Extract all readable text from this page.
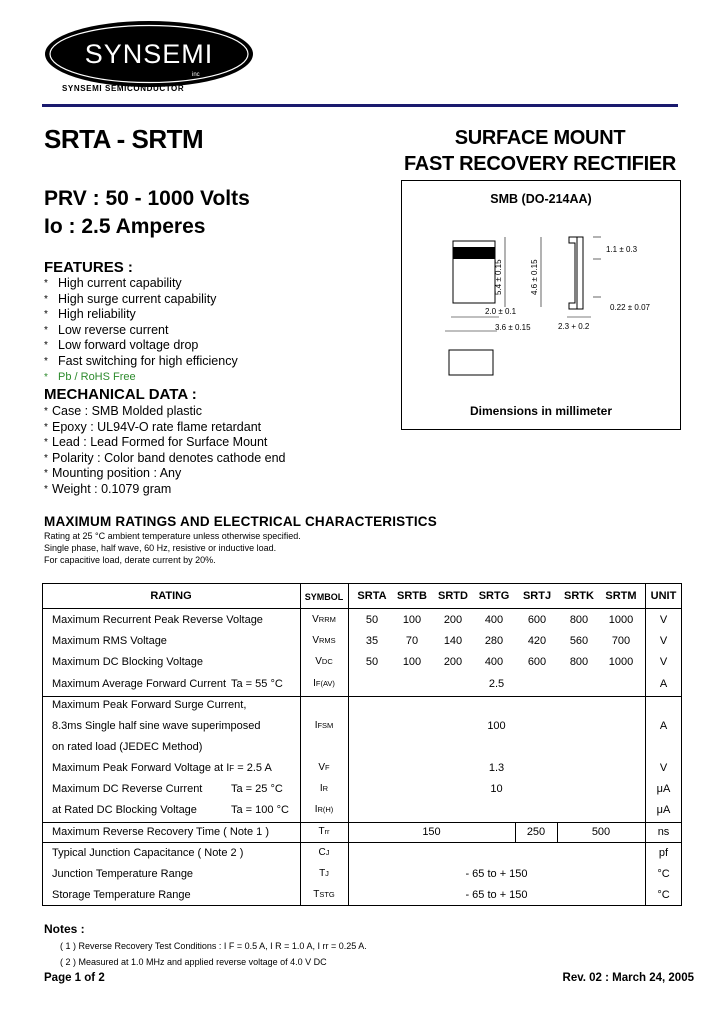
SYNSEMI
inc
SYNSEMI SEMICONDUCTOR
SRTA - SRTM	SURFACE MOUNT
FAST RECOVERY RECTIFIER
PRV : 50 - 1000 Volts
Io : 2.5 Amperes
FEATURES :
* High current capability
* High surge current capability
* High reliability
* Low reverse current
* Low forward voltage drop
* Fast switching for high efficiency
* Pb / RoHS Free
MECHANICAL DATA :
* Case : SMB Molded plastic
* Epoxy : UL94V-O rate flame retardant
* Lead : Lead Formed for Surface Mount
* Polarity : Color band denotes cathode end
* Mounting position : Any
* Weight : 0.1079 gram
SMB (DO-214AA)
5.4 ± 0.15	4.6 ± 0.15
2.0 ± 0.1
3.6 ± 0.15	2.3 + 0.2
1.1 ± 0.3
0.22 ± 0.07
Dimensions in millimeter
MAXIMUM RATINGS AND ELECTRICAL CHARACTERISTICS
Rating at 25 °C ambient temperature unless otherwise specified.
Single phase, half wave, 60 Hz, resistive or inductive load.
For capacitive load, derate current by 20%.
RATING	SYMBOL	SRTA SRTB	SRTD SRTG	SRTJ	SRTK	SRTM	UNIT
Maximum Recurrent Peak Reverse Voltage	VRRM	50	100	200	400	600	800	1000	V
Maximum RMS Voltage	VRMS	35	70	140	280	420	560	700	V
Maximum DC Blocking Voltage	VDC	50	100	200	400	600	800	1000	V
Maximum Average Forward Current Ta = 55 °C	IF(AV)	2.5	A
Maximum Peak Forward Surge Current,
8.3ms Single half sine wave superimposed
on rated load (JEDEC Method)
IFSM	100	A
Maximum Peak Forward Voltage at IF = 2.5 A	VF	1.3	V
Maximum DC Reverse Current	Ta = 25 °C	IR	10	μA
at Rated DC Blocking Voltage	Ta = 100 °C	IR(H)	μA
Maximum Reverse Recovery Time ( Note 1 )	Trr	150	250	500	ns
Typical Junction Capacitance ( Note 2 )	CJ	pf
Junction Temperature Range	TJ	- 65 to + 150	°C
Storage Temperature Range	TSTG	- 65 to + 150	°C
Notes :
( 1 ) Reverse Recovery Test Conditions : I F = 0.5 A, I R = 1.0 A, I rr = 0.25 A.
( 2 ) Measured at 1.0 MHz and applied reverse voltage of 4.0 V DC
Page 1 of 2	Rev. 02 : March 24, 2005
